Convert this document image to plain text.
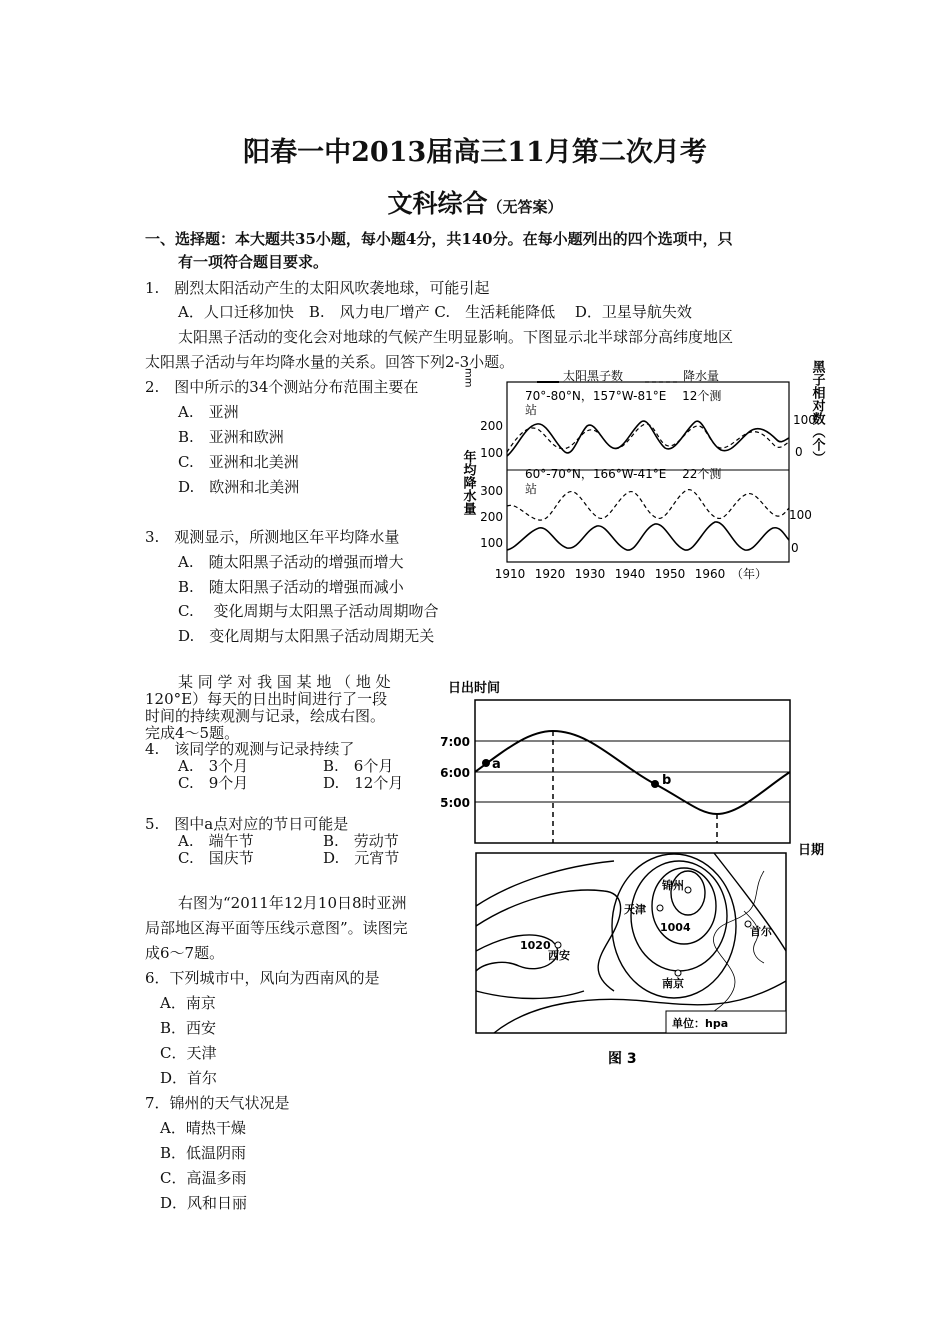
阳春一中2013届高三11月第二次月考
文科综合（无答案）
一、选择题：本大题共35小题，每小题4分，共140分。在每小题列出的四个选项中，只
有一项符合题目要求。
1.　剧烈太阳活动产生的太阳风吹袭地球，可能引起
A．人口迁移加快　B.　风力电厂增产 C.　生活耗能降低　 D．卫星导航失效
太阳黑子活动的变化会对地球的气候产生明显影响。下图显示北半球部分高纬度地区
太阳黑子活动与年均降水量的关系。回答下列2-3小题。
2.　图中所示的34个测站分布范围主要在
A.　亚洲
B.　亚洲和欧洲
C.　亚洲和北美洲
D.　欧洲和北美洲
3.　观测显示，所测地区年平均降水量
A.　随太阳黑子活动的增强而增大
B.　随太阳黑子活动的增强而减小
C.　 变化周期与太阳黑子活动周期吻合
D.　变化周期与太阳黑子活动周期无关
某 同 学 对 我 国 某 地 （ 地 处
120°E）每天的日出时间进行了一段
时间的持续观测与记录，绘成右图。
完成4～5题。
4.　该同学的观测与记录持续了
A.　3个月	B.　6个月
C.　9个月	D.　12个月
5.　图中a点对应的节日可能是
A.　端午节	B.　劳动节
C.　国庆节	D.　元宵节
右图为“2011年12月10日8时亚洲
局部地区海平面等压线示意图”。读图完
成6～7题。
6．下列城市中，风向为西南风的是
A．南京
B．西安
C．天津
D．首尔
7．锦州的天气状况是
A．晴热干燥
B．低温阴雨
C．高温多雨
D．风和日丽
年均降水量
mm	黑子相对数（个）
太阳黑子数	降水量
70°-80°N，157°W-81°E　 12个测
站
60°-70°N，166°W-41°E　 22个测
站
200
100
100
0
300
200
100
100
0
1910 1920 1930 1940 1950 1960 （年）
日出时间
7:00
6:00
5:00
a
b
日期
锦州
天津
西安
南京
首尔
1004
1020
单位：hpa
图 3
